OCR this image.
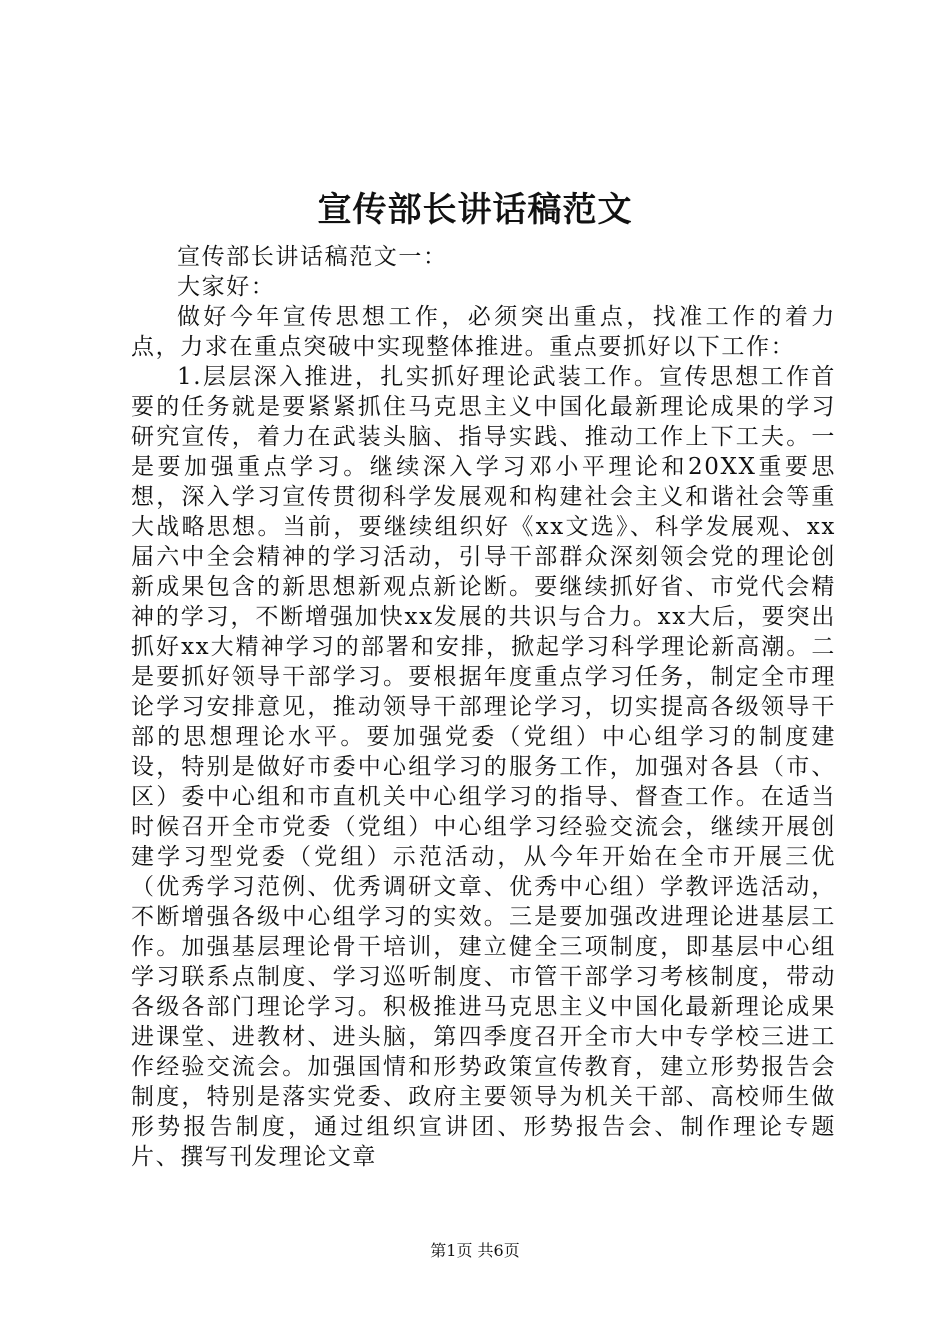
宣传部长讲话稿范文

宣传部长讲话稿范文一：

大家好：

做好今年宣传思想工作，必须突出重点，找准工作的着力点，力求在重点突破中实现整体推进。重点要抓好以下工作：

1.层层深入推进，扎实抓好理论武装工作。宣传思想工作首要的任务就是要紧紧抓住马克思主义中国化最新理论成果的学习研究宣传，着力在武装头脑、指导实践、推动工作上下工夫。一是要加强重点学习。继续深入学习邓小平理论和20XX重要思想，深入学习宣传贯彻科学发展观和构建社会主义和谐社会等重大战略思想。当前，要继续组织好《xx文选》、科学发展观、xx届六中全会精神的学习活动，引导干部群众深刻领会党的理论创新成果包含的新思想新观点新论断。要继续抓好省、市党代会精神的学习，不断增强加快xx发展的共识与合力。xx大后，要突出抓好xx大精神学习的部署和安排，掀起学习科学理论新高潮。二是要抓好领导干部学习。要根据年度重点学习任务，制定全市理论学习安排意见，推动领导干部理论学习，切实提高各级领导干部的思想理论水平。要加强党委（党组）中心组学习的制度建设，特别是做好市委中心组学习的服务工作，加强对各县（市、区）委中心组和市直机关中心组学习的指导、督查工作。在适当时候召开全市党委（党组）中心组学习经验交流会，继续开展创建学习型党委（党组）示范活动，从今年开始在全市开展三优（优秀学习范例、优秀调研文章、优秀中心组）学教评选活动，不断增强各级中心组学习的实效。三是要加强改进理论进基层工作。加强基层理论骨干培训，建立健全三项制度，即基层中心组学习联系点制度、学习巡听制度、市管干部学习考核制度，带动各级各部门理论学习。积极推进马克思主义中国化最新理论成果进课堂、进教材、进头脑，第四季度召开全市大中专学校三进工作经验交流会。加强国情和形势政策宣传教育，建立形势报告会制度，特别是落实党委、政府主要领导为机关干部、高校师生做形势报告制度，通过组织宣讲团、形势报告会、制作理论专题片、撰写刊发理论文章

第1页 共6页
